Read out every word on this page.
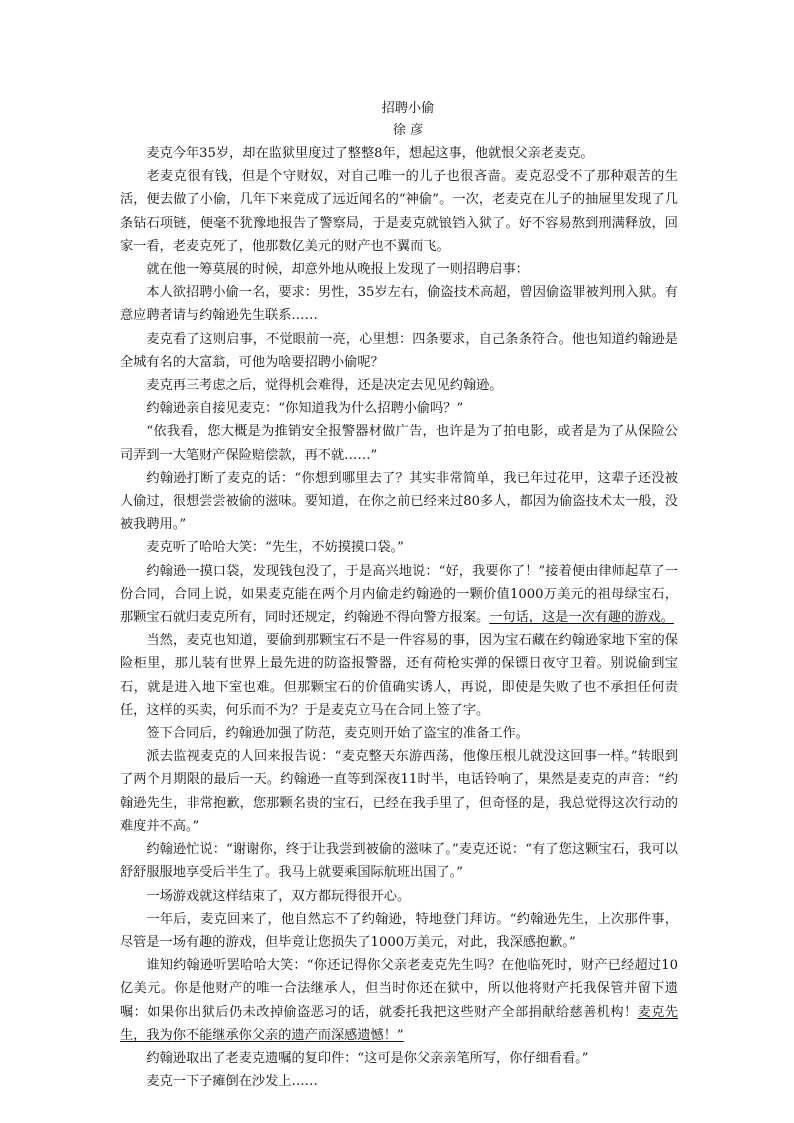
招聘小偷
徐 彦

麦克今年35岁，却在监狱里度过了整整8年，想起这事，他就恨父亲老麦克。

老麦克很有钱，但是个守财奴，对自己唯一的儿子也很吝啬。麦克忍受不了那种艰苦的生活，便去做了小偷，几年下来竟成了远近闻名的“神偷”。一次，老麦克在儿子的抽屉里发现了几条钻石项链，便毫不犹豫地报告了警察局，于是麦克就锒铛入狱了。好不容易熬到刑满释放，回家一看，老麦克死了，他那数亿美元的财产也不翼而飞。

就在他一筹莫展的时候，却意外地从晚报上发现了一则招聘启事：

本人欲招聘小偷一名，要求：男性，35岁左右，偷盗技术高超，曾因偷盗罪被判刑入狱。有意应聘者请与约翰逊先生联系……

麦克看了这则启事，不觉眼前一亮，心里想：四条要求，自己条条符合。他也知道约翰逊是全城有名的大富翁，可他为啥要招聘小偷呢？

麦克再三考虑之后，觉得机会难得，还是决定去见见约翰逊。

约翰逊亲自接见麦克：“你知道我为什么招聘小偷吗？”

“依我看，您大概是为推销安全报警器材做广告，也许是为了拍电影，或者是为了从保险公司弄到一大笔财产保险赔偿款，再不就……”

约翰逊打断了麦克的话：“你想到哪里去了？其实非常简单，我已年过花甲，这辈子还没被人偷过，很想尝尝被偷的滋味。要知道，在你之前已经来过80多人，都因为偷盗技术太一般，没被我聘用。”

麦克听了哈哈大笑：“先生，不妨摸摸口袋。”

约翰逊一摸口袋，发现钱包没了，于是高兴地说：“好，我要你了！”接着便由律师起草了一份合同，合同上说，如果麦克能在两个月内偷走约翰逊的一颗价值1000万美元的祖母绿宝石，那颗宝石就归麦克所有，同时还规定，约翰逊不得向警方报案。一句话，这是一次有趣的游戏。

当然，麦克也知道，要偷到那颗宝石不是一件容易的事，因为宝石藏在约翰逊家地下室的保险柜里，那儿装有世界上最先进的防盗报警器，还有荷枪实弹的保镖日夜守卫着。别说偷到宝石，就是进入地下室也难。但那颗宝石的价值确实诱人，再说，即使是失败了也不承担任何责任，这样的买卖，何乐而不为？于是麦克立马在合同上签了字。

签下合同后，约翰逊加强了防范，麦克则开始了盗宝的准备工作。

派去监视麦克的人回来报告说：“麦克整天东游西荡，他像压根儿就没这回事一样。”转眼到了两个月期限的最后一天。约翰逊一直等到深夜11时半，电话铃响了，果然是麦克的声音：“约翰逊先生，非常抱歉，您那颗名贵的宝石，已经在我手里了，但奇怪的是，我总觉得这次行动的难度并不高。”

约翰逊忙说：“谢谢你，终于让我尝到被偷的滋味了。”麦克还说：“有了您这颗宝石，我可以舒舒服服地享受后半生了。我马上就要乘国际航班出国了。”

一场游戏就这样结束了，双方都玩得很开心。

一年后，麦克回来了，他自然忘不了约翰逊，特地登门拜访。“约翰逊先生，上次那件事，尽管是一场有趣的游戏，但毕竟让您损失了1000万美元，对此，我深感抱歉。”

谁知约翰逊听罢哈哈大笑：“你还记得你父亲老麦克先生吗？在他临死时，财产已经超过10亿美元。你是他财产的唯一合法继承人，但当时你还在狱中，所以他将财产托我保管并留下遗嘱：如果你出狱后仍未改掉偷盗恶习的话，就委托我把这些财产全部捐献给慈善机构！麦克先生，我为你不能继承你父亲的遗产而深感遗憾！”

约翰逊取出了老麦克遗嘱的复印件：“这可是你父亲亲笔所写，你仔细看看。”

麦克一下子瘫倒在沙发上……
